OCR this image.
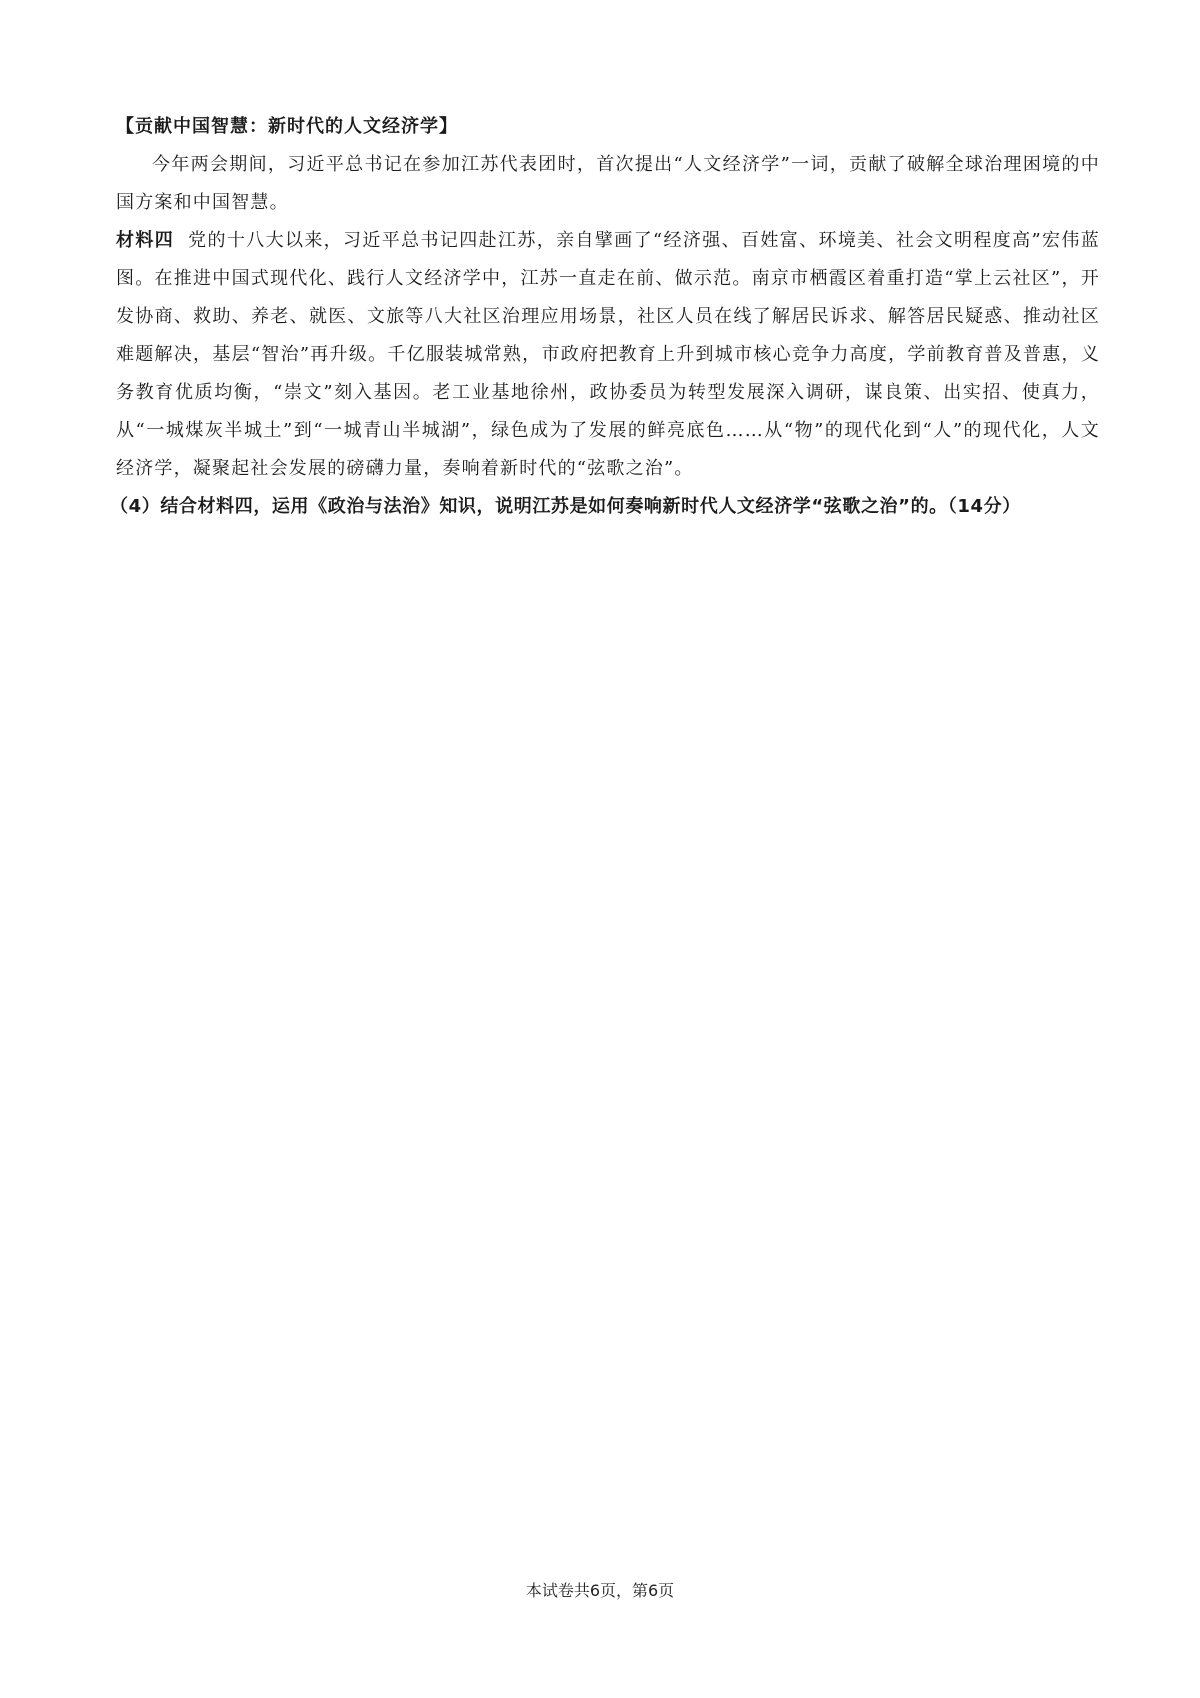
【贡献中国智慧：新时代的人文经济学】

今年两会期间，习近平总书记在参加江苏代表团时，首次提出“人文经济学”一词，贡献了破解全球治理困境的中国方案和中国智慧。

材料四 党的十八大以来，习近平总书记四赴江苏，亲自擘画了“经济强、百姓富、环境美、社会文明程度高”宏伟蓝图。在推进中国式现代化、践行人文经济学中，江苏一直走在前、做示范。南京市栖霞区着重打造“掌上云社区”，开发协商、救助、养老、就医、文旅等八大社区治理应用场景，社区人员在线了解居民诉求、解答居民疑惑、推动社区难题解决，基层“智治”再升级。千亿服装城常熟，市政府把教育上升到城市核心竞争力高度，学前教育普及普惠，义务教育优质均衡，“崇文”刻入基因。老工业基地徐州，政协委员为转型发展深入调研，谋良策、出实招、使真力，从“一城煤灰半城土”到“一城青山半城湖”，绿色成为了发展的鲜亮底色……从“物”的现代化到“人”的现代化，人文经济学，凝聚起社会发展的磅礴力量，奏响着新时代的“弦歌之治”。

（4）结合材料四，运用《政治与法治》知识，说明江苏是如何奏响新时代人文经济学“弦歌之治”的。（14分）

本试卷共6页，第6页
